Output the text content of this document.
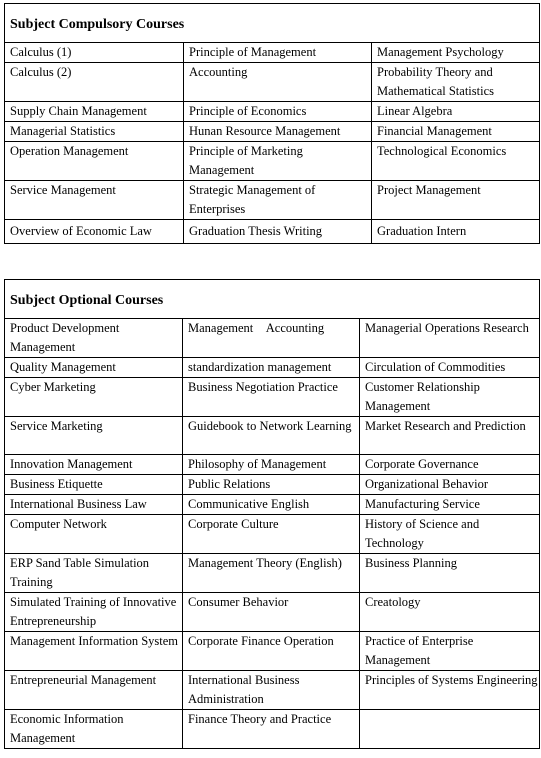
Subject Compulsory Courses		
Calculus (1)	Principle of Management	Management Psychology
Calculus (2)	Accounting	Probability Theory and Mathematical Statistics
Supply Chain Management	Principle of Economics	Linear Algebra
Managerial Statistics	Hunan Resource Management	Financial Management
Operation Management	Principle of Marketing Management	Technological Economics
Service Management	Strategic Management of Enterprises	Project Management
Overview of Economic Law	Graduation Thesis Writing	Graduation Intern
Subject Optional Courses		
Product Development Management	Management    Accounting	Managerial Operations Research
Quality Management	standardization management	Circulation of Commodities
Cyber Marketing	Business Negotiation Practice	Customer Relationship Management
Service Marketing	Guidebook to Network Learning	Market Research and Prediction
Innovation Management	Philosophy of Management	Corporate Governance
Business Etiquette	Public Relations	Organizational Behavior
International Business Law	Communicative English	Manufacturing Service
Computer Network	Corporate Culture	History of Science and Technology
ERP Sand Table Simulation Training	Management Theory (English)	Business Planning
Simulated Training of Innovative Entrepreneurship	Consumer Behavior	Creatology
Management Information System	Corporate Finance Operation	Practice of Enterprise Management
Entrepreneurial Management	International Business Administration	Principles of Systems Engineering
Economic Information Management	Finance Theory and Practice	
